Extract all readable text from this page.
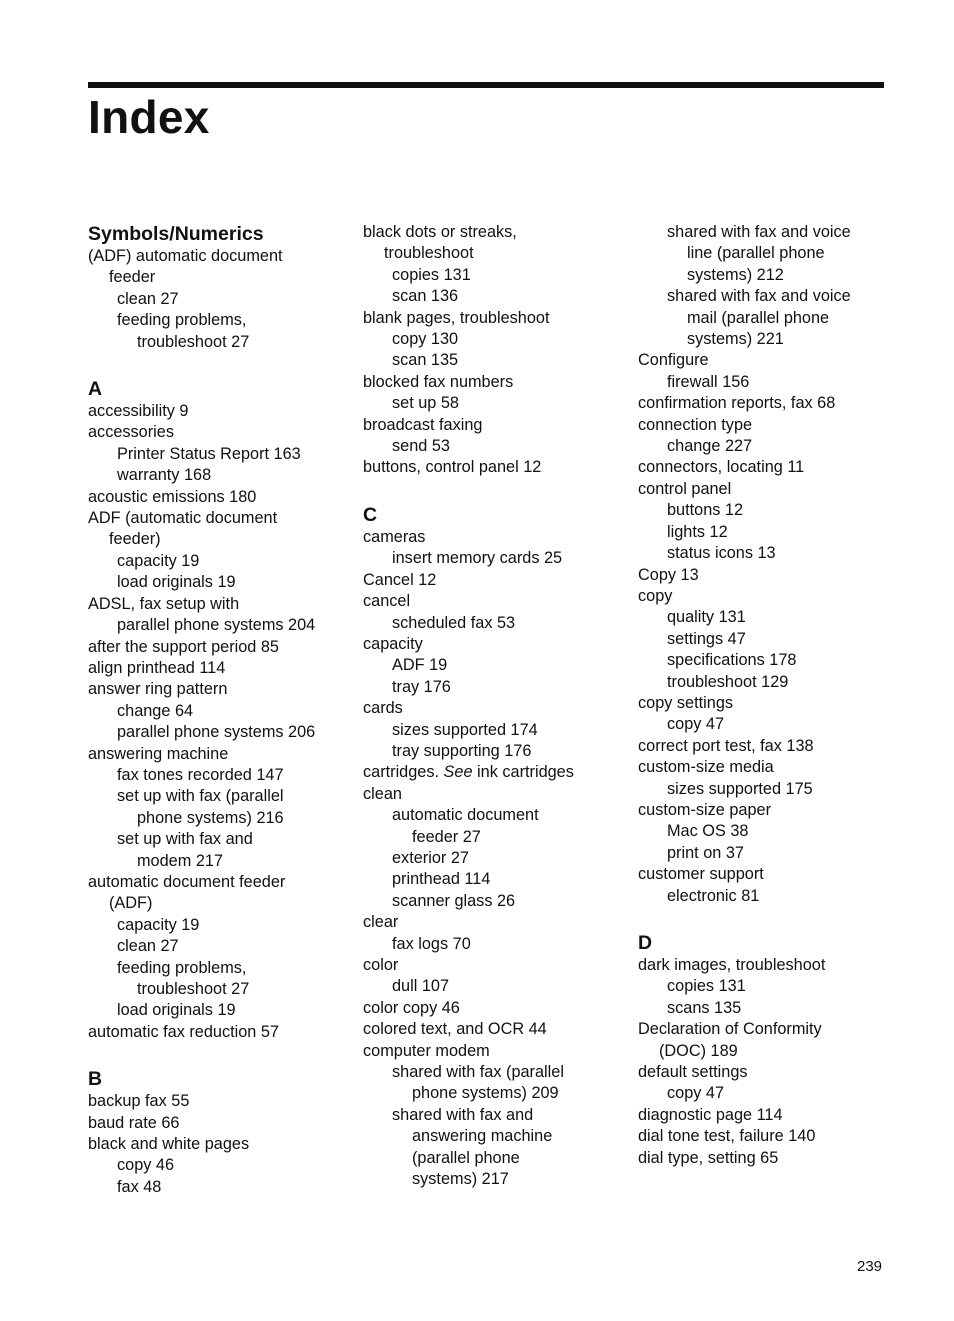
Index
Symbols/Numerics
(ADF) automatic document
feeder
clean 27
feeding problems,
troubleshoot 27
A
accessibility 9
accessories
Printer Status Report 163
warranty 168
acoustic emissions 180
ADF (automatic document
feeder)
capacity 19
load originals 19
ADSL, fax setup with
parallel phone systems 204
after the support period 85
align printhead 114
answer ring pattern
change 64
parallel phone systems 206
answering machine
fax tones recorded 147
set up with fax (parallel
phone systems) 216
set up with fax and
modem 217
automatic document feeder
(ADF)
capacity 19
clean 27
feeding problems,
troubleshoot 27
load originals 19
automatic fax reduction 57
B
backup fax 55
baud rate 66
black and white pages
copy 46
fax 48
black dots or streaks,
troubleshoot
copies 131
scan 136
blank pages, troubleshoot
copy 130
scan 135
blocked fax numbers
set up 58
broadcast faxing
send 53
buttons, control panel 12
C
cameras
insert memory cards 25
Cancel 12
cancel
scheduled fax 53
capacity
ADF 19
tray 176
cards
sizes supported 174
tray supporting 176
cartridges. See ink cartridges
clean
automatic document
feeder 27
exterior 27
printhead 114
scanner glass 26
clear
fax logs 70
color
dull 107
color copy 46
colored text, and OCR 44
computer modem
shared with fax (parallel
phone systems) 209
shared with fax and
answering machine
(parallel phone
systems) 217
shared with fax and voice
line (parallel phone
systems) 212
shared with fax and voice
mail (parallel phone
systems) 221
Configure
firewall 156
confirmation reports, fax 68
connection type
change 227
connectors, locating 11
control panel
buttons 12
lights 12
status icons 13
Copy 13
copy
quality 131
settings 47
specifications 178
troubleshoot 129
copy settings
copy 47
correct port test, fax 138
custom-size media
sizes supported 175
custom-size paper
Mac OS 38
print on 37
customer support
electronic 81
D
dark images, troubleshoot
copies 131
scans 135
Declaration of Conformity
(DOC) 189
default settings
copy 47
diagnostic page 114
dial tone test, failure 140
dial type, setting 65
239
